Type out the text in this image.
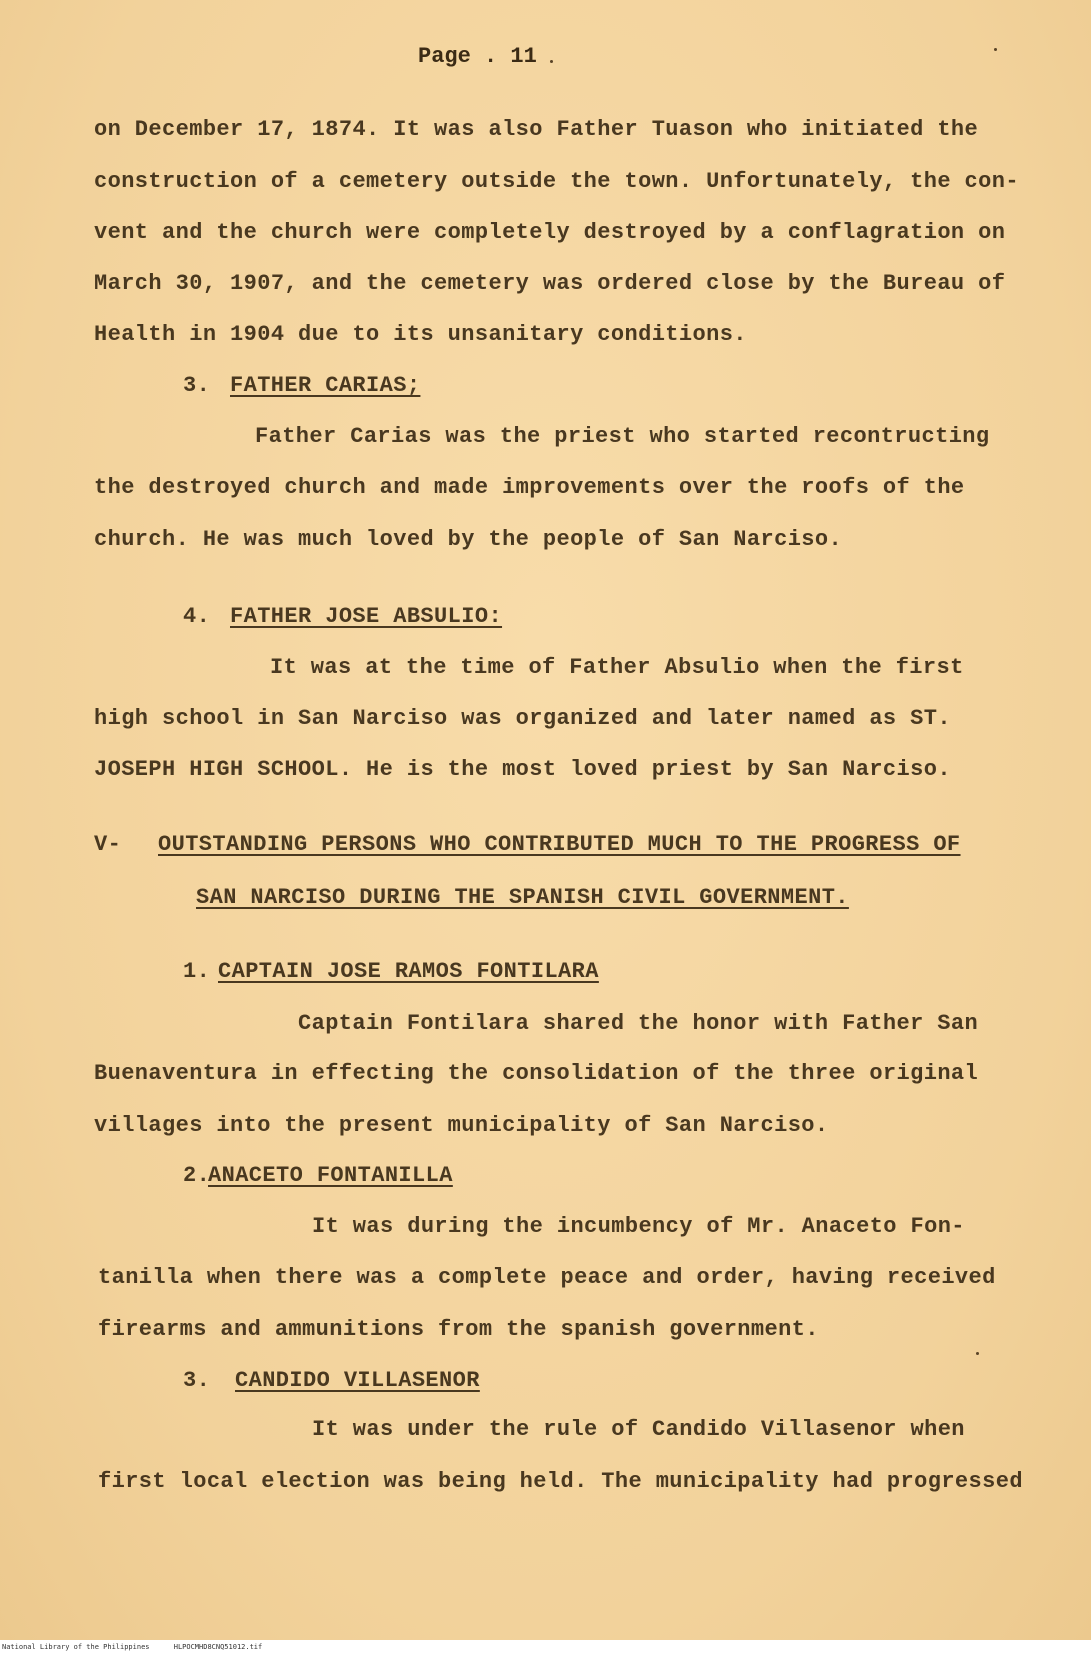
Page . 11
on December 17, 1874. It was also Father Tuason who initiated the
construction of a cemetery outside the town. Unfortunately, the con-
vent and the church were completely destroyed by a conflagration on
March 30, 1907, and the cemetery was ordered close by the Bureau of
Health in 1904 due to its unsanitary conditions.
3. FATHER CARIAS;
Father Carias was the priest who started recontructing
the destroyed church and made improvements over the roofs of the
church. He was much loved by the people of San Narciso.
4. FATHER JOSE ABSULIO:
It was at the time of Father Absulio when the first
high school in San Narciso was organized and later named as ST.
JOSEPH HIGH SCHOOL. He is the most loved priest by San Narciso.
V- OUTSTANDING PERSONS WHO CONTRIBUTED MUCH TO THE PROGRESS OF
SAN NARCISO DURING THE SPANISH CIVIL GOVERNMENT.
1. CAPTAIN JOSE RAMOS FONTILARA
Captain Fontilara shared the honor with Father San
Buenaventura in effecting the consolidation of the three original
villages into the present municipality of San Narciso.
2.
ANACETO FONTANILLA
It was during the incumbency of Mr. Anaceto Fon-
tanilla when there was a complete peace and order, having received
firearms and ammunitions from the spanish government.
3. CANDIDO VILLASENOR
It was under the rule of Candido Villasenor when
first local election was being held. The municipality had progressed
National Library of the Philippines	HLPOCMHD8CNQ51012.tif
